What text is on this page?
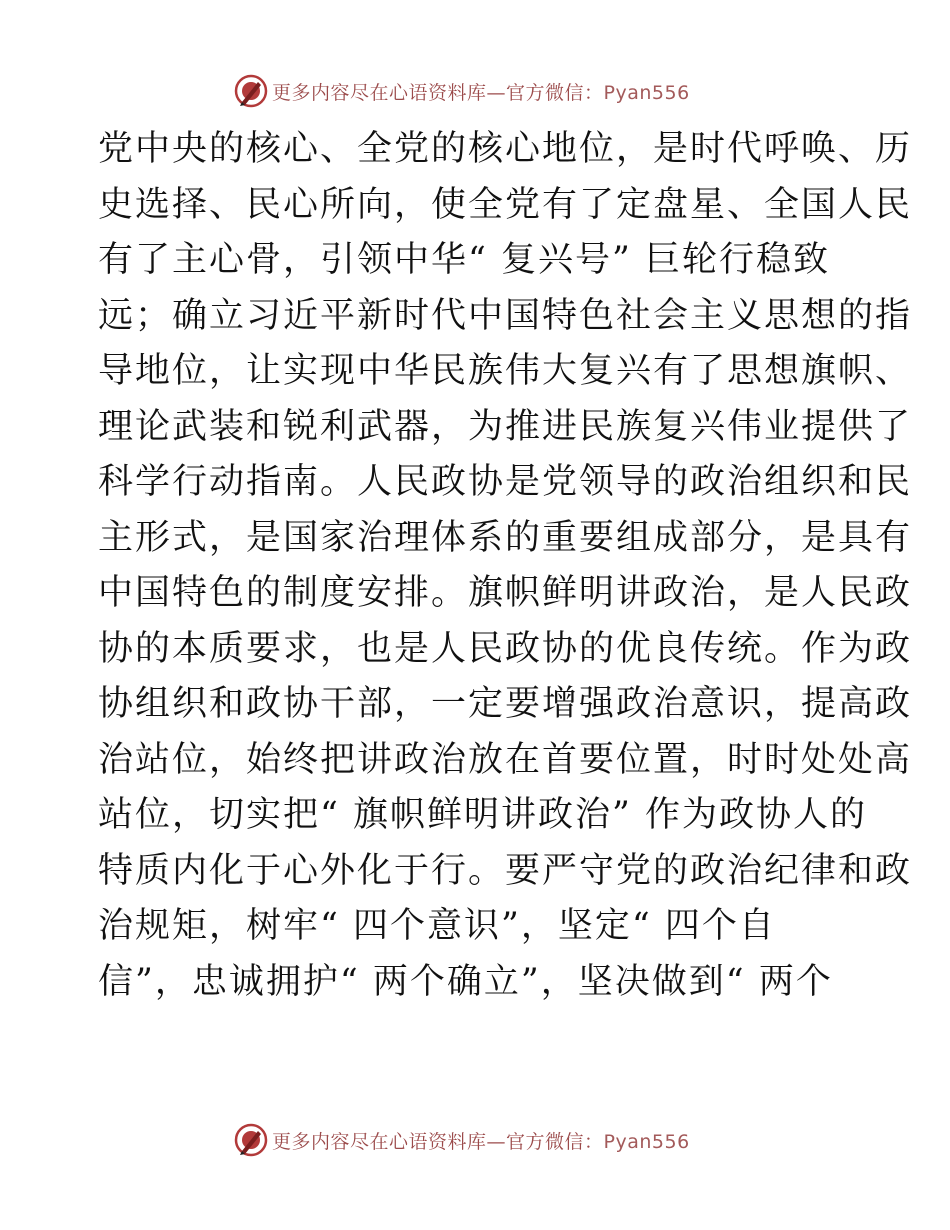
更多内容尽在心语资料库—官方微信：Pyan556
党中央的核心、全党的核心地位，是时代呼唤、历
史选择、民心所向，使全党有了定盘星、全国人民
有了主心骨，引领中华“ 复兴号” 巨轮行稳致
远；确立习近平新时代中国特色社会主义思想的指
导地位，让实现中华民族伟大复兴有了思想旗帜、
理论武装和锐利武器，为推进民族复兴伟业提供了
科学行动指南。人民政协是党领导的政治组织和民
主形式，是国家治理体系的重要组成部分，是具有
中国特色的制度安排。旗帜鲜明讲政治，是人民政
协的本质要求，也是人民政协的优良传统。作为政
协组织和政协干部，一定要增强政治意识，提高政
治站位，始终把讲政治放在首要位置，时时处处高
站位，切实把“ 旗帜鲜明讲政治” 作为政协人的
特质内化于心外化于行。要严守党的政治纪律和政
治规矩，树牢“ 四个意识”，坚定“ 四个自
信”，忠诚拥护“ 两个确立”，坚决做到“ 两个
更多内容尽在心语资料库—官方微信：Pyan556
